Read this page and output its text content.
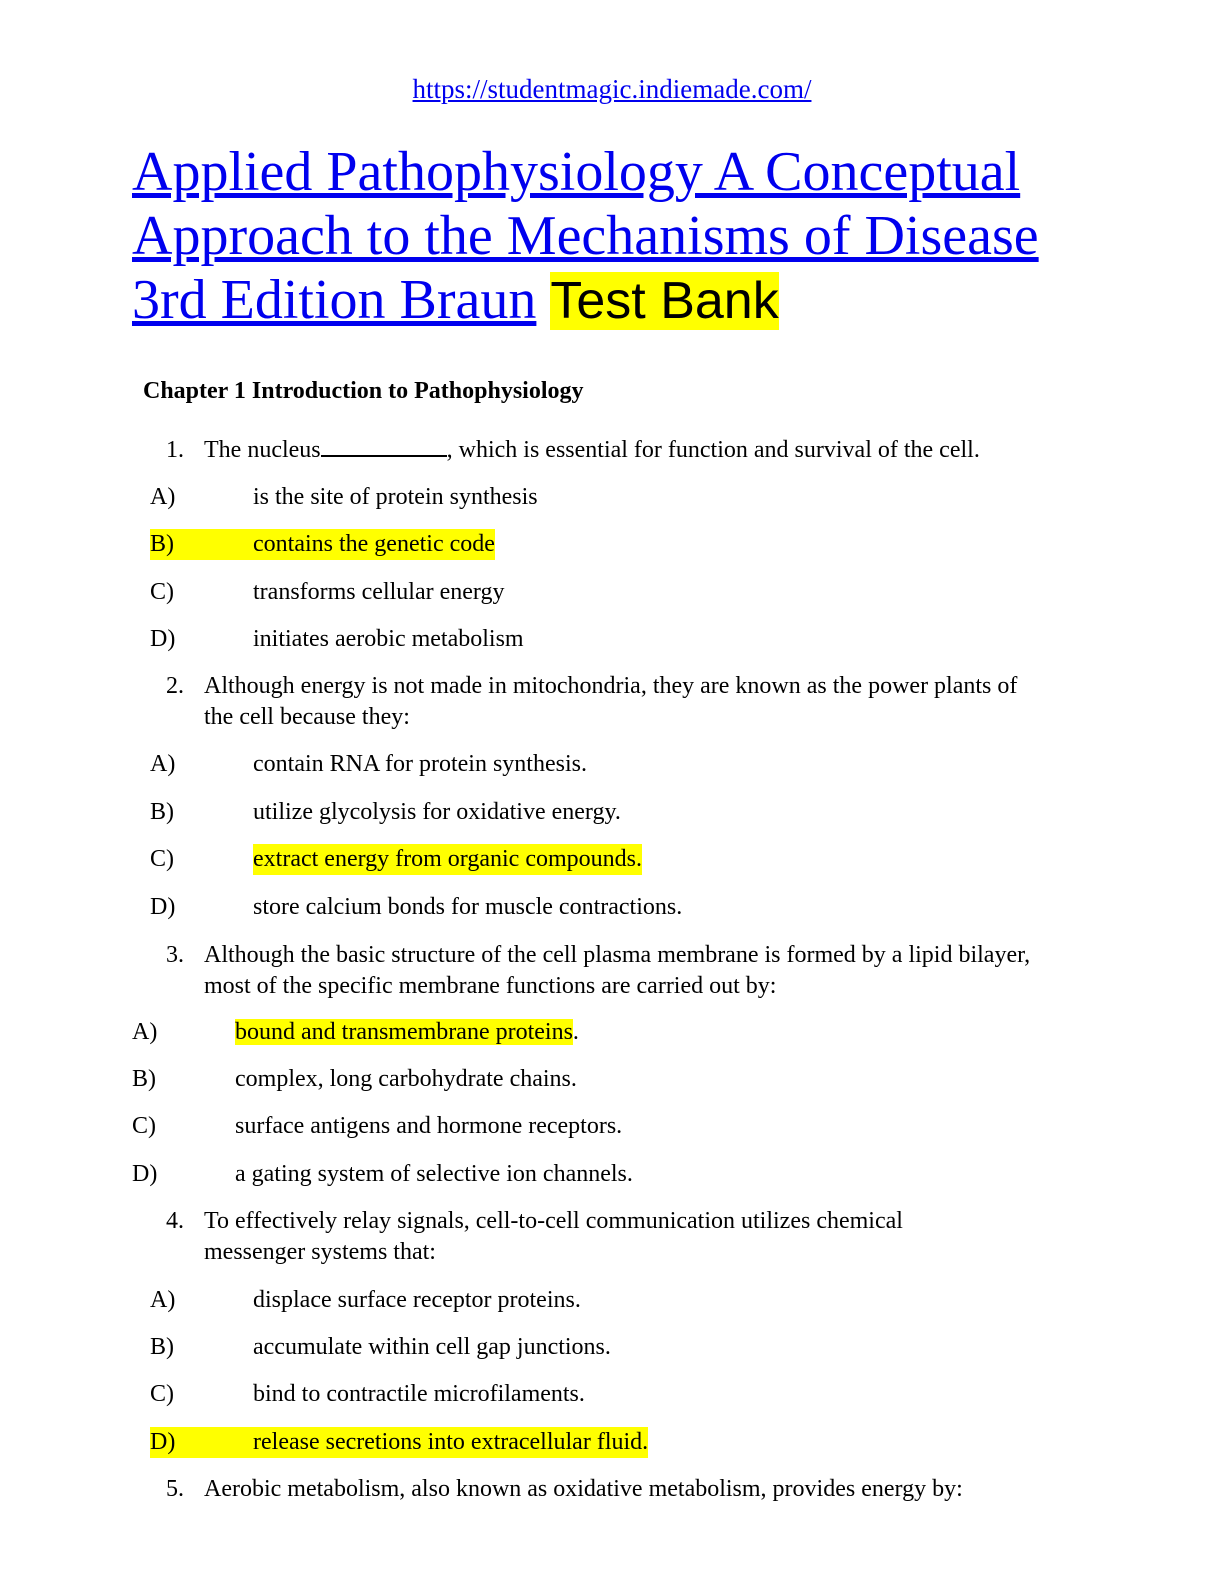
https://studentmagic.indiemade.com/
Applied Pathophysiology A Conceptual
Approach to the Mechanisms of Disease
3rd Edition Braun Test Bank
Chapter 1 Introduction to Pathophysiology
1. The nucleus	, which is essential for function and survival of the cell.
A)	is the site of protein synthesis
B)	contains the genetic code
C)	transforms cellular energy
D)	initiates aerobic metabolism
2. Although energy is not made in mitochondria, they are known as the power plants of the cell because they:
A)	contain RNA for protein synthesis.
B)	utilize glycolysis for oxidative energy.
C)	extract energy from organic compounds.
D)	store calcium bonds for muscle contractions.
3. Although the basic structure of the cell plasma membrane is formed by a lipid bilayer, most of the specific membrane functions are carried out by:
A)	bound and transmembrane proteins.
B)	complex, long carbohydrate chains.
C)	surface antigens and hormone receptors.
D)	a gating system of selective ion channels.
4. To effectively relay signals, cell-to-cell communication utilizes chemical messenger systems that:
A)	displace surface receptor proteins.
B)	accumulate within cell gap junctions.
C)	bind to contractile microfilaments.
D)	release secretions into extracellular fluid.
5. Aerobic metabolism, also known as oxidative metabolism, provides energy by:
